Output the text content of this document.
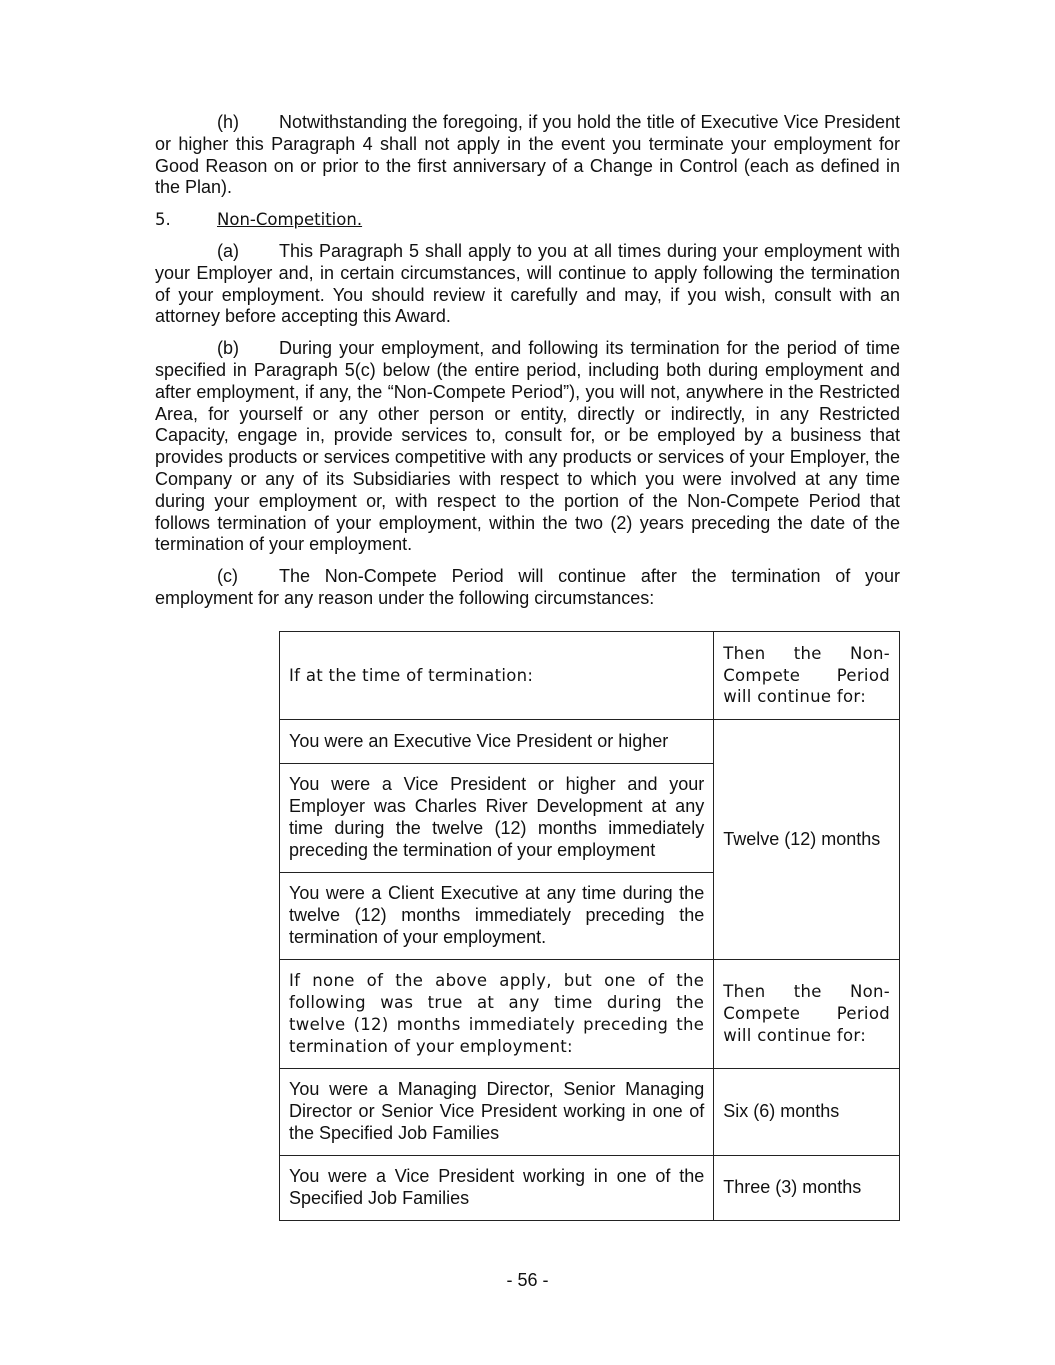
(h) Notwithstanding the foregoing, if you hold the title of Executive Vice President or higher this Paragraph 4 shall not apply in the event you terminate your employment for Good Reason on or prior to the first anniversary of a Change in Control (each as defined in the Plan).

5.	Non-Competition.

(a) This Paragraph 5 shall apply to you at all times during your employment with your Employer and, in certain circumstances, will continue to apply following the termination of your employment. You should review it carefully and may, if you wish, consult with an attorney before accepting this Award.

(b) During your employment, and following its termination for the period of time specified in Paragraph 5(c) below (the entire period, including both during employment and after employment, if any, the “Non-Compete Period”), you will not, anywhere in the Restricted Area, for yourself or any other person or entity, directly or indirectly, in any Restricted Capacity, engage in, provide services to, consult for, or be employed by a business that provides products or services competitive with any products or services of your Employer, the Company or any of its Subsidiaries with respect to which you were involved at any time during your employment or, with respect to the portion of the Non-Compete Period that follows termination of your employment, within the two (2) years preceding the date of the termination of your employment.

(c) The Non-Compete Period will continue after the termination of your employment for any reason under the following circumstances:

If at the time of termination:	Then the Non-Compete Period will continue for:

You were an Executive Vice President or higher	Twelve (12) months
You were a Vice President or higher and your Employer was Charles River Development at any time during the twelve (12) months immediately preceding the termination of your employment	
You were a Client Executive at any time during the twelve (12) months immediately preceding the termination of your employment.	

If none of the above apply, but one of the following was true at any time during the twelve (12) months immediately preceding the termination of your employment:	Then the Non-Compete Period will continue for:

You were a Managing Director, Senior Managing Director or Senior Vice President working in one of the Specified Job Families	Six (6) months
You were a Vice President working in one of the Specified Job Families	Three (3) months
- 56 -
